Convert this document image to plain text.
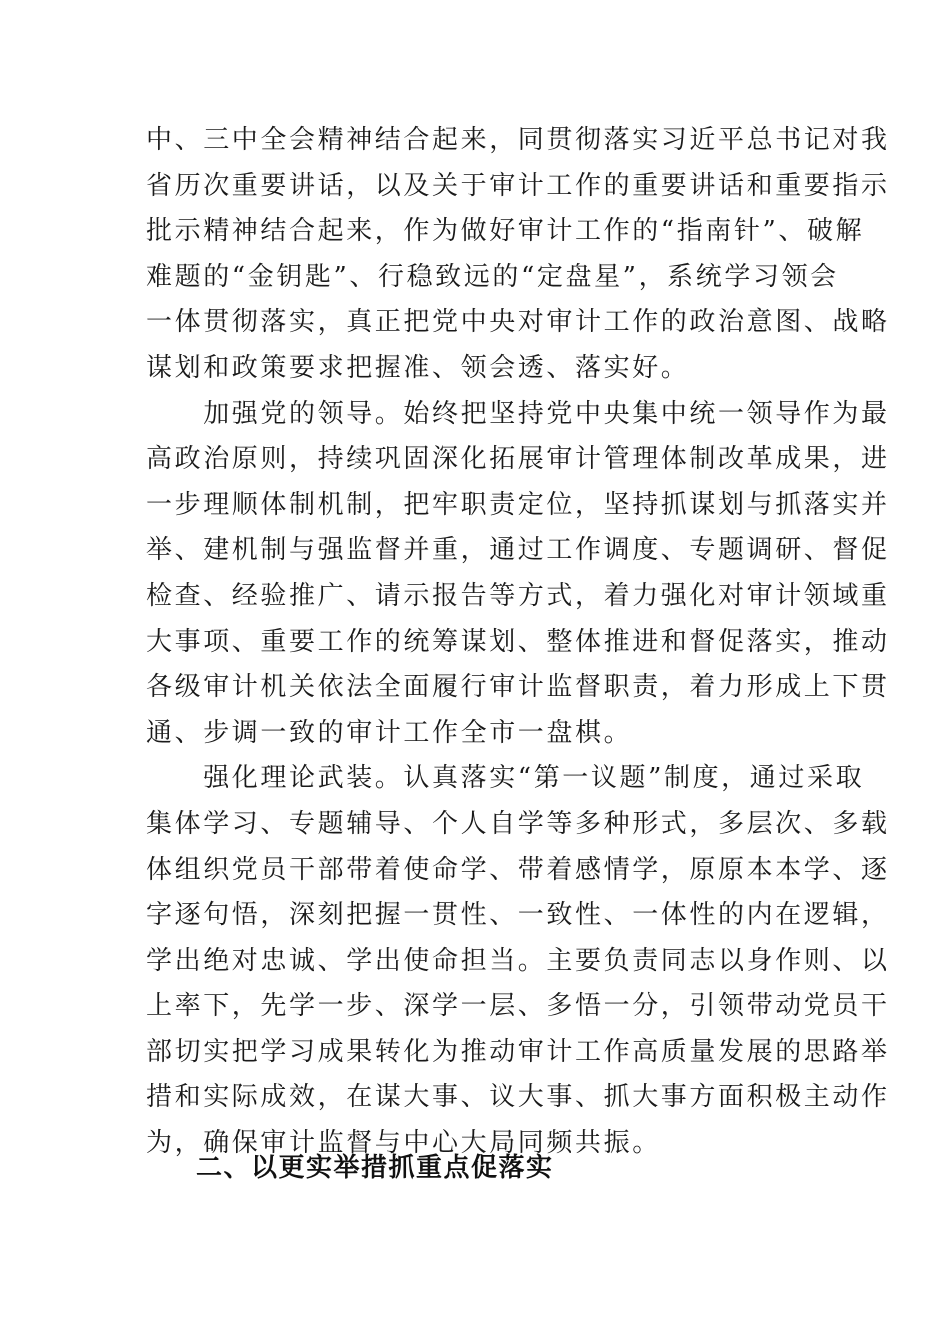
中、三中全会精神结合起来，同贯彻落实习近平总书记对我
省历次重要讲话，以及关于审计工作的重要讲话和重要指示
批示精神结合起来，作为做好审计工作的“指南针”、破解
难题的“金钥匙”、行稳致远的“定盘星”，系统学习领会
一体贯彻落实，真正把党中央对审计工作的政治意图、战略
谋划和政策要求把握准、领会透、落实好。
　　加强党的领导。始终把坚持党中央集中统一领导作为最
高政治原则，持续巩固深化拓展审计管理体制改革成果，进
一步理顺体制机制，把牢职责定位，坚持抓谋划与抓落实并
举、建机制与强监督并重，通过工作调度、专题调研、督促
检查、经验推广、请示报告等方式，着力强化对审计领域重
大事项、重要工作的统筹谋划、整体推进和督促落实，推动
各级审计机关依法全面履行审计监督职责，着力形成上下贯
通、步调一致的审计工作全市一盘棋。
　　强化理论武装。认真落实“第一议题”制度，通过采取
集体学习、专题辅导、个人自学等多种形式，多层次、多载
体组织党员干部带着使命学、带着感情学，原原本本学、逐
字逐句悟，深刻把握一贯性、一致性、一体性的内在逻辑，
学出绝对忠诚、学出使命担当。主要负责同志以身作则、以
上率下，先学一步、深学一层、多悟一分，引领带动党员干
部切实把学习成果转化为推动审计工作高质量发展的思路举
措和实际成效，在谋大事、议大事、抓大事方面积极主动作
为，确保审计监督与中心大局同频共振。
二、以更实举措抓重点促落实
